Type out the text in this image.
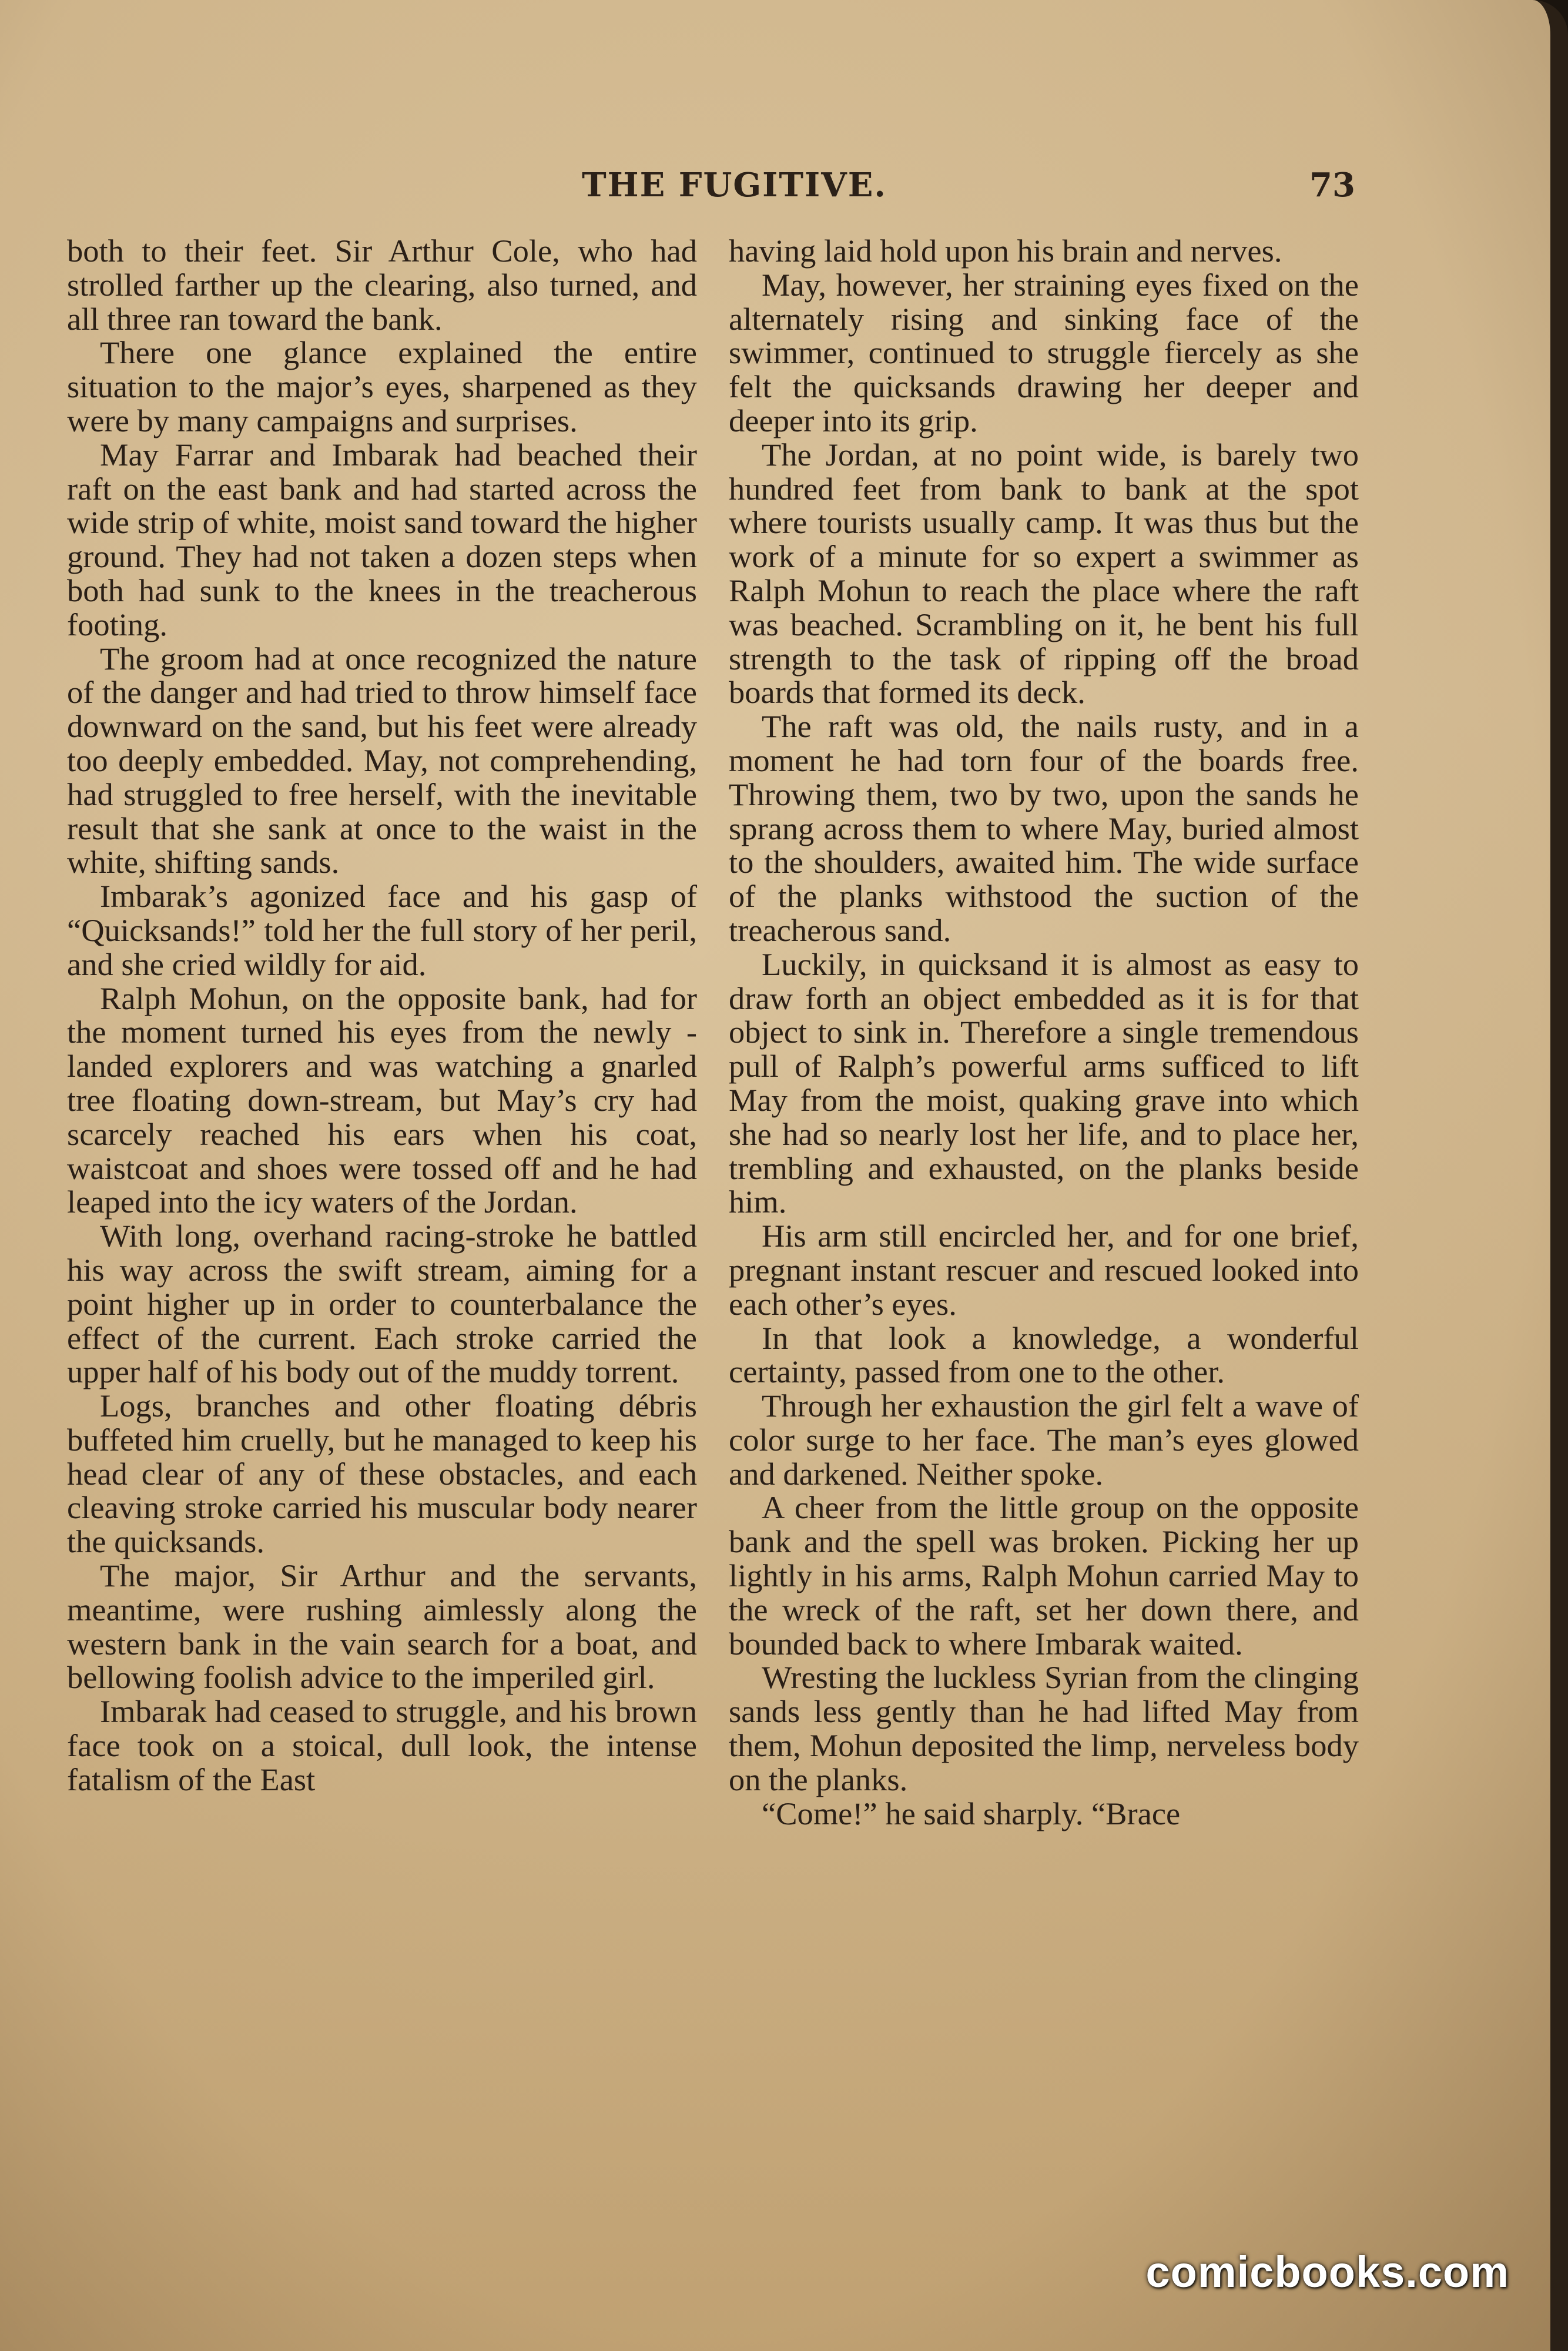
THE FUGITIVE.	73

both to their feet. Sir Arthur Cole, who had strolled farther up the clearing, also turned, and all three ran toward the bank.

There one glance explained the entire situation to the major’s eyes, sharpened as they were by many campaigns and surprises.

May Farrar and Imbarak had beached their raft on the east bank and had started across the wide strip of white, moist sand toward the higher ground. They had not taken a dozen steps when both had sunk to the knees in the treacherous footing.

The groom had at once recognized the nature of the danger and had tried to throw himself face downward on the sand, but his feet were already too deeply embedded. May, not comprehending, had struggled to free herself, with the inevitable result that she sank at once to the waist in the white, shifting sands.

Imbarak’s agonized face and his gasp of “Quicksands!” told her the full story of her peril, and she cried wildly for aid.

Ralph Mohun, on the opposite bank, had for the moment turned his eyes from the newly - landed explorers and was watching a gnarled tree floating down-stream, but May’s cry had scarcely reached his ears when his coat, waistcoat and shoes were tossed off and he had leaped into the icy waters of the Jordan.

With long, overhand racing-stroke he battled his way across the swift stream, aiming for a point higher up in order to counterbalance the effect of the current. Each stroke carried the upper half of his body out of the muddy torrent.

Logs, branches and other floating débris buffeted him cruelly, but he managed to keep his head clear of any of these obstacles, and each cleaving stroke carried his muscular body nearer the quicksands.

The major, Sir Arthur and the servants, meantime, were rushing aimlessly along the western bank in the vain search for a boat, and bellowing foolish advice to the imperiled girl.

Imbarak had ceased to struggle, and his brown face took on a stoical, dull look, the intense fatalism of the East

having laid hold upon his brain and nerves.

May, however, her straining eyes fixed on the alternately rising and sinking face of the swimmer, continued to struggle fiercely as she felt the quicksands drawing her deeper and deeper into its grip.

The Jordan, at no point wide, is barely two hundred feet from bank to bank at the spot where tourists usually camp. It was thus but the work of a minute for so expert a swimmer as Ralph Mohun to reach the place where the raft was beached. Scrambling on it, he bent his full strength to the task of ripping off the broad boards that formed its deck.

The raft was old, the nails rusty, and in a moment he had torn four of the boards free. Throwing them, two by two, upon the sands he sprang across them to where May, buried almost to the shoulders, awaited him. The wide surface of the planks withstood the suction of the treacherous sand.

Luckily, in quicksand it is almost as easy to draw forth an object embedded as it is for that object to sink in. Therefore a single tremendous pull of Ralph’s powerful arms sufficed to lift May from the moist, quaking grave into which she had so nearly lost her life, and to place her, trembling and exhausted, on the planks beside him.

His arm still encircled her, and for one brief, pregnant instant rescuer and rescued looked into each other’s eyes.

In that look a knowledge, a wonderful certainty, passed from one to the other.

Through her exhaustion the girl felt a wave of color surge to her face. The man’s eyes glowed and darkened. Neither spoke.

A cheer from the little group on the opposite bank and the spell was broken. Picking her up lightly in his arms, Ralph Mohun carried May to the wreck of the raft, set her down there, and bounded back to where Imbarak waited.

Wresting the luckless Syrian from the clinging sands less gently than he had lifted May from them, Mohun deposited the limp, nerveless body on the planks.

“Come!” he said sharply. “Brace

comicbooks.com
